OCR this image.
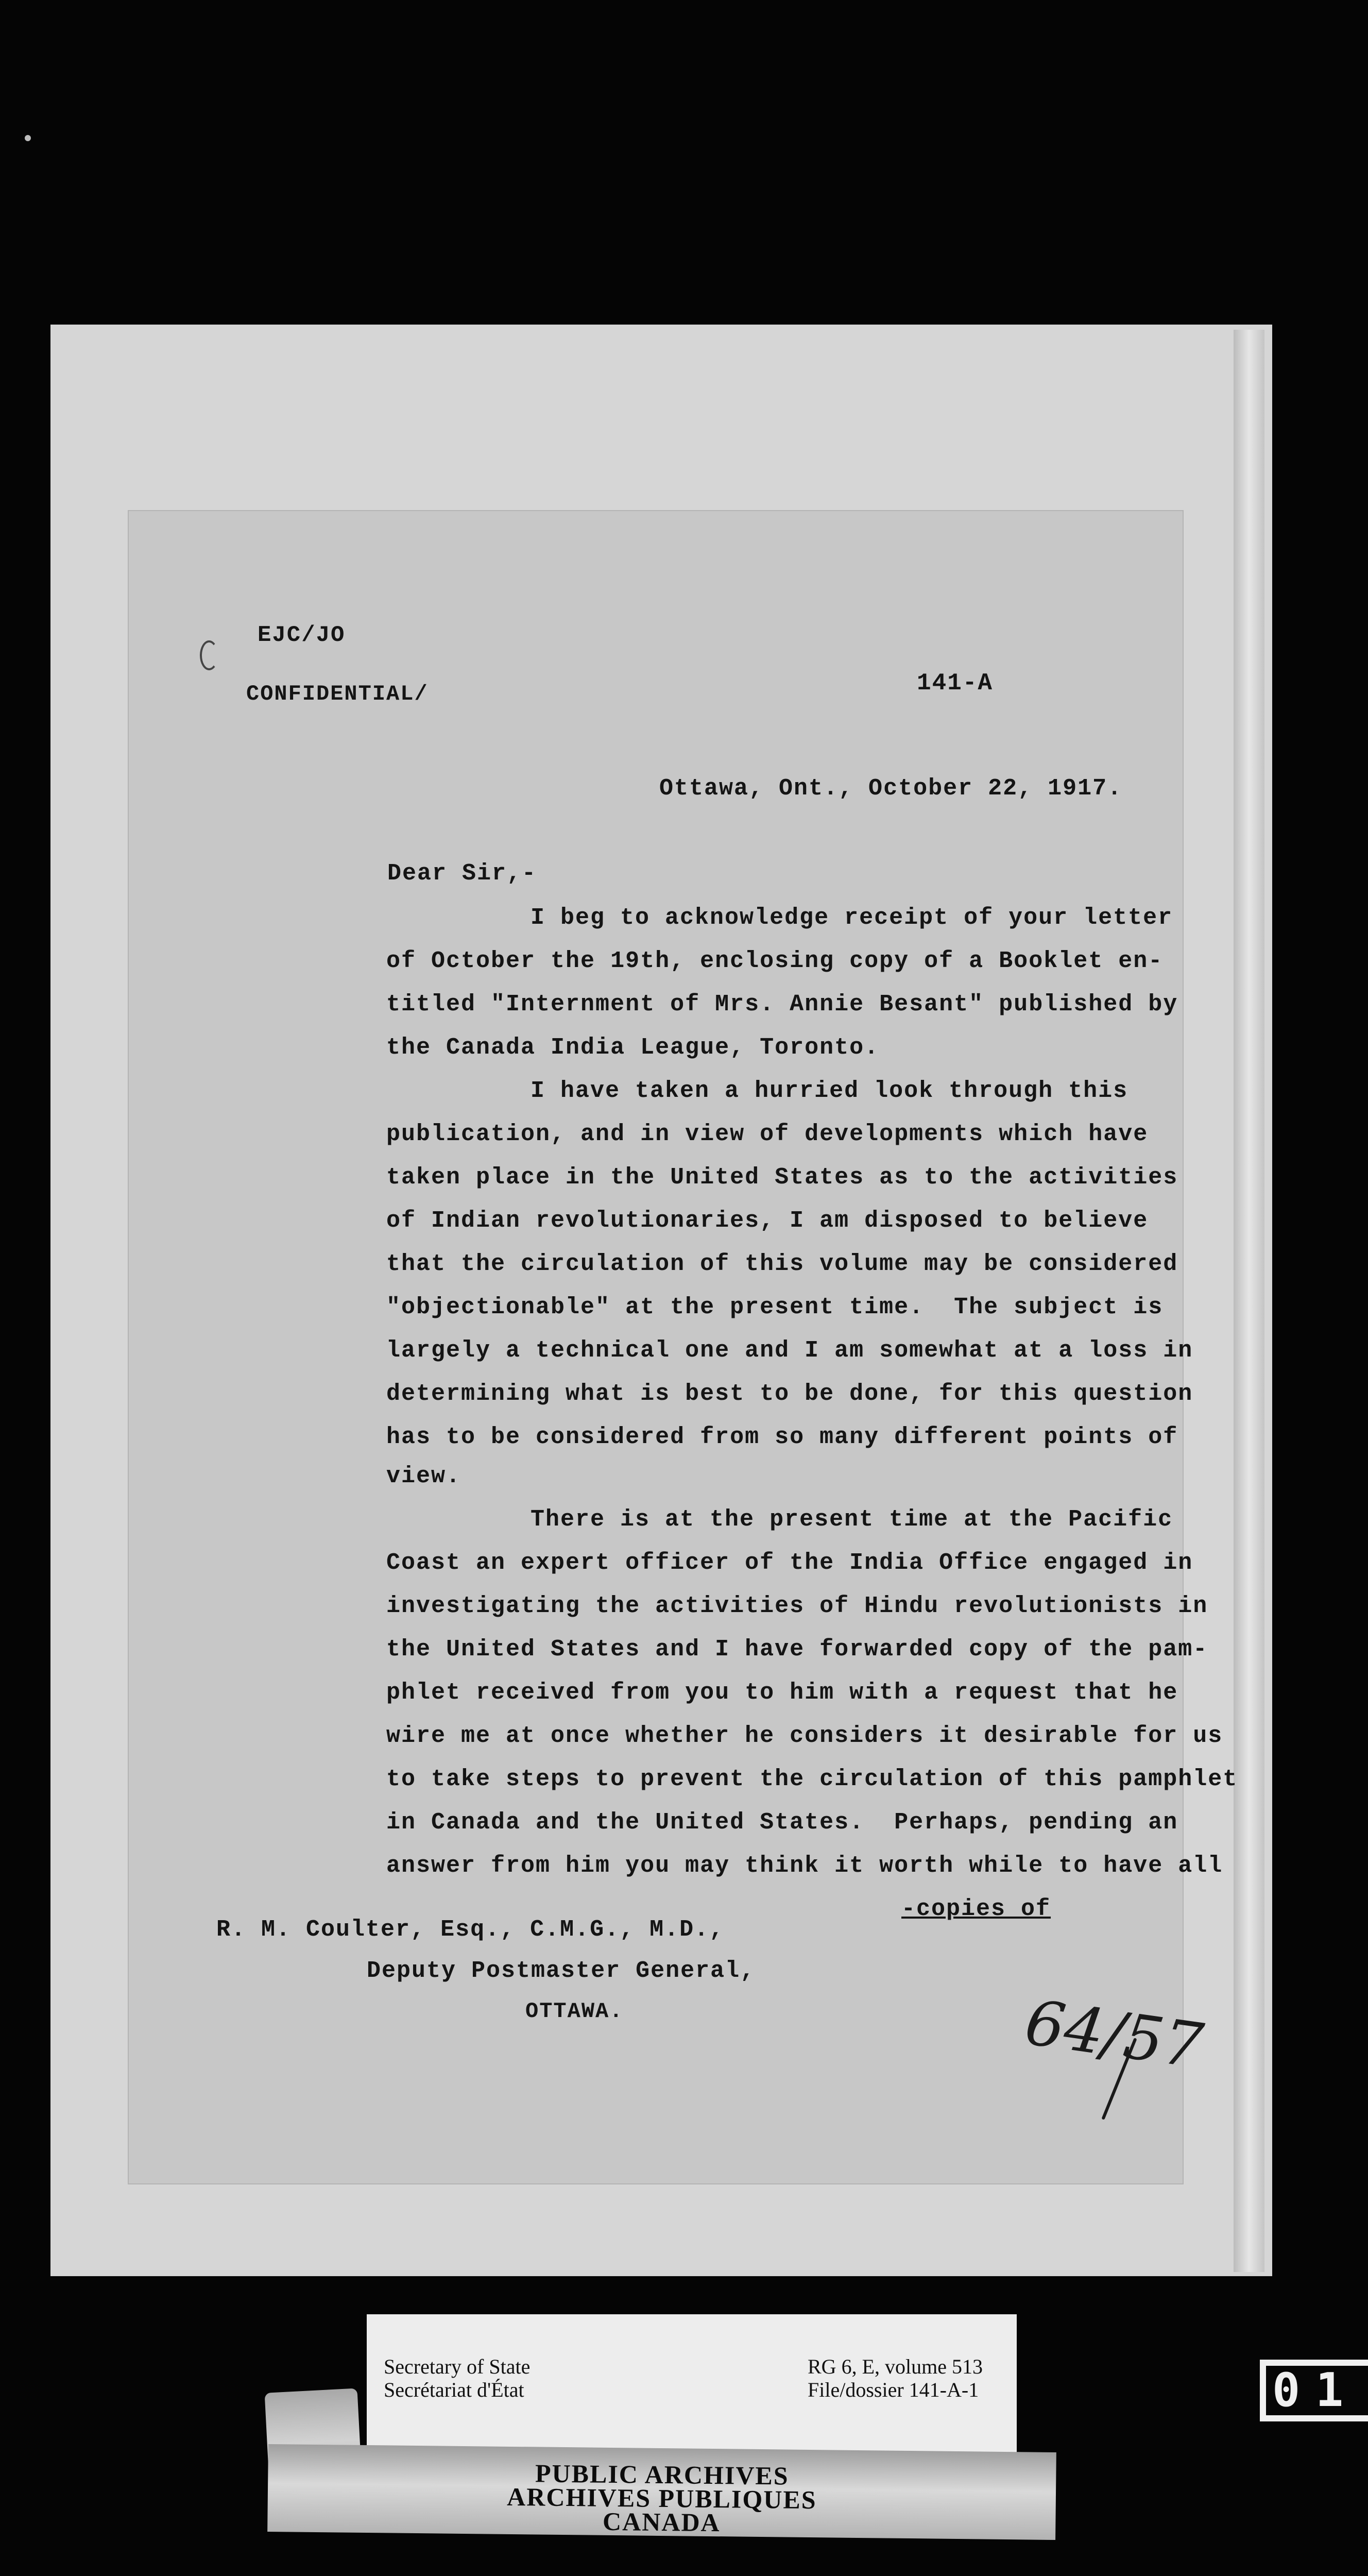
EJC/JO
CONFIDENTIAL/	141-A
Ottawa, Ont., October 22, 1917.
Dear Sir,-
I beg to acknowledge receipt of your letter
of October the 19th, enclosing copy of a Booklet en-
titled "Internment of Mrs. Annie Besant" published by
the Canada India League, Toronto.
I have taken a hurried look through this
publication, and in view of developments which have
taken place in the United States as to the activities
of Indian revolutionaries, I am disposed to believe
that the circulation of this volume may be considered
"objectionable" at the present time.  The subject is
largely a technical one and I am somewhat at a loss in
determining what is best to be done, for this question
has to be considered from so many different points of
view.
There is at the present time at the Pacific
Coast an expert officer of the India Office engaged in
investigating the activities of Hindu revolutionists in
the United States and I have forwarded copy of the pam-
phlet received from you to him with a request that he
wire me at once whether he considers it desirable for us
to take steps to prevent the circulation of this pamphlet
in Canada and the United States.  Perhaps, pending an
answer from him you may think it worth while to have all
-copies of
R. M. Coulter, Esq., C.M.G., M.D.,
Deputy Postmaster General,
OTTAWA.	64/57
Secretary of State
Secrétariat d'État
RG 6, E, volume 513
File/dossier 141-A-1
PUBLIC ARCHIVES
ARCHIVES PUBLIQUES
CANADA
01
